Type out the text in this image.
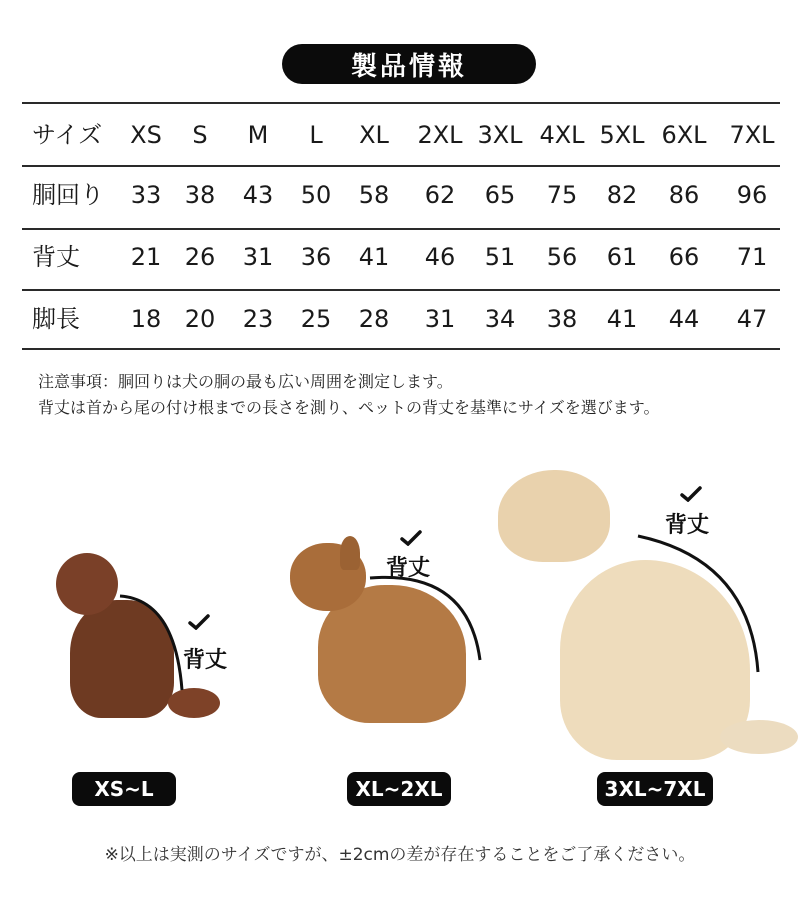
製品情報
サイズ
胴回り
背丈
脚長
XS S M L XL 2XL 3XL 4XL 5XL 6XL 7XL
33 38 43 50 58 62 65 75 82 86 96
21 26 31 36 41 46 51 56 61 66 71
18 20 23 25 28 31 34 38 41 44 47
注意事項：胴回りは犬の胴の最も広い周囲を測定します。
背丈は首から尾の付け根までの長さを測り、ペットの背丈を基準にサイズを選びます。
背丈
XS~L
背丈
XL~2XL
背丈
3XL~7XL
※以上は実測のサイズですが、±2cmの差が存在することをご了承ください。
